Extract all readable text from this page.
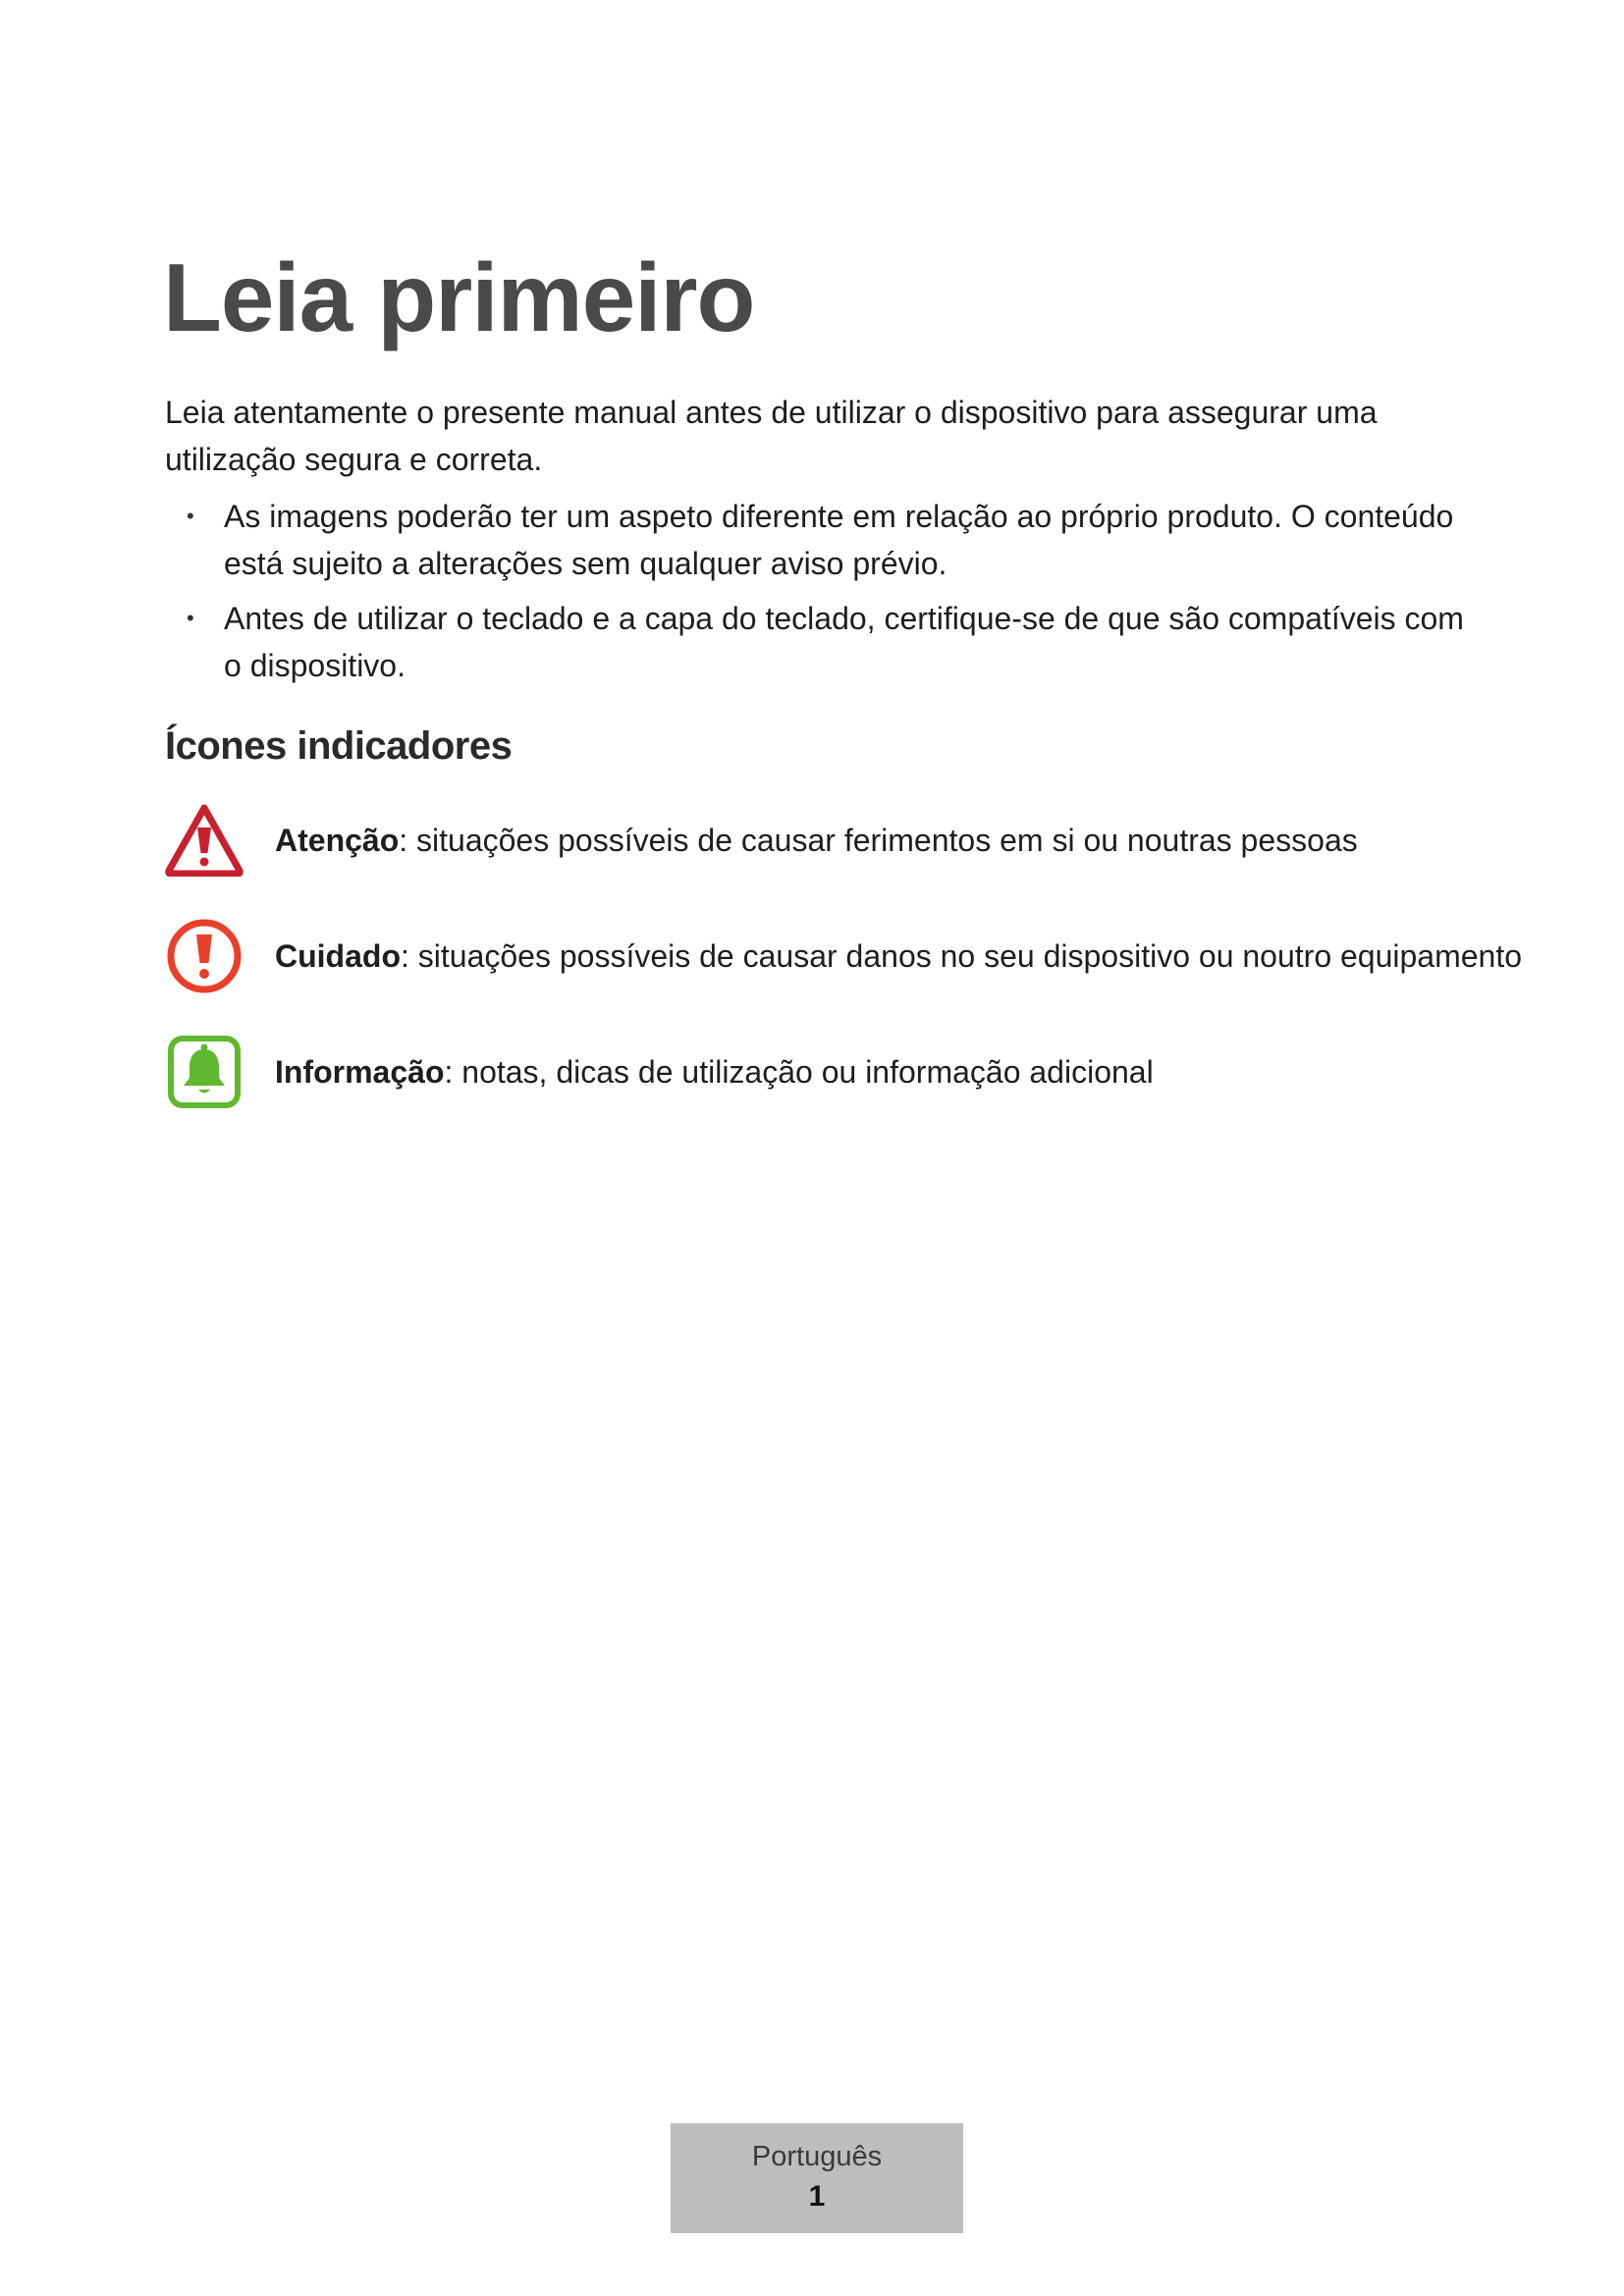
Leia primeiro

Leia atentamente o presente manual antes de utilizar o dispositivo para assegurar uma utilização segura e correta.

• As imagens poderão ter um aspeto diferente em relação ao próprio produto. O conteúdo está sujeito a alterações sem qualquer aviso prévio.
• Antes de utilizar o teclado e a capa do teclado, certifique-se de que são compatíveis com o dispositivo.
Ícones indicadores
Atenção: situações possíveis de causar ferimentos em si ou noutras pessoas
Cuidado: situações possíveis de causar danos no seu dispositivo ou noutro equipamento
Informação: notas, dicas de utilização ou informação adicional
Português
1
